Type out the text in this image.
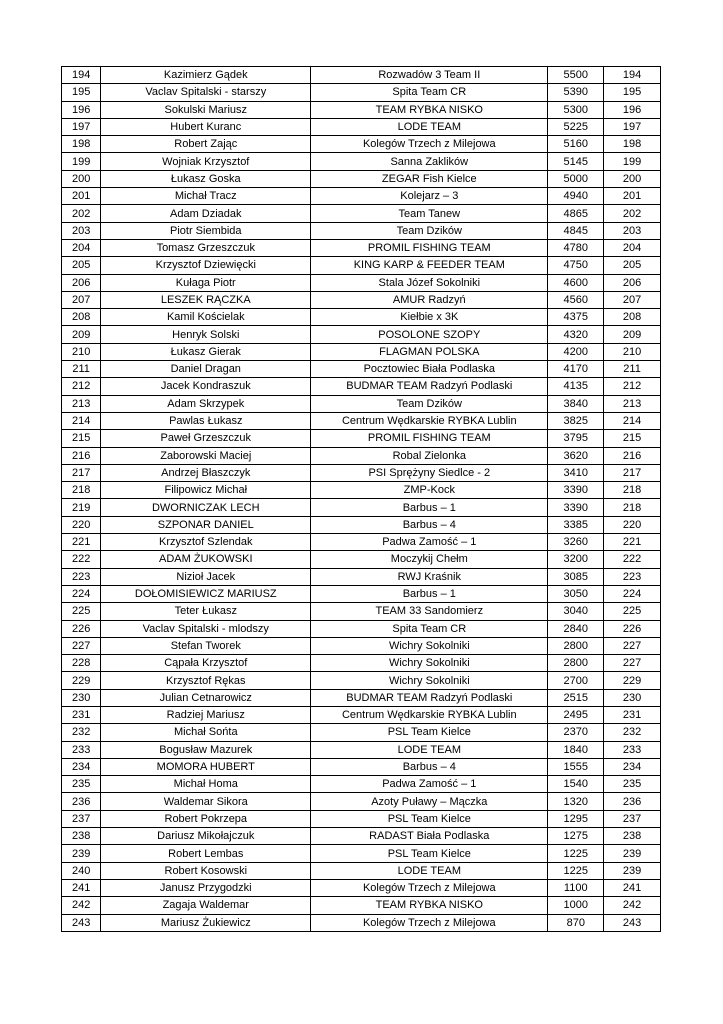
194	Kazimierz Gądek	Rozwadów 3 Team II	5500	194
195	Vaclav Spitalski - starszy	Spita Team CR	5390	195
196	Sokulski Mariusz	TEAM RYBKA NISKO	5300	196
197	Hubert Kuranc	LODE TEAM	5225	197
198	Robert Zając	Kolegów Trzech z Milejowa	5160	198
199	Wojniak Krzysztof	Sanna Zaklików	5145	199
200	Łukasz Goska	ZEGAR Fish Kielce	5000	200
201	Michał Tracz	Kolejarz – 3	4940	201
202	Adam Dziadak	Team Tanew	4865	202
203	Piotr Siembida	Team Dzików	4845	203
204	Tomasz Grzeszczuk	PROMIL FISHING TEAM	4780	204
205	Krzysztof Dziewięcki	KING KARP & FEEDER TEAM	4750	205
206	Kułaga Piotr	Stala Józef Sokolniki	4600	206
207	LESZEK RĄCZKA	AMUR Radzyń	4560	207
208	Kamil Kościelak	Kiełbie x 3K	4375	208
209	Henryk Solski	POSOLONE SZOPY	4320	209
210	Łukasz Gierak	FLAGMAN POLSKA	4200	210
211	Daniel Dragan	Pocztowiec Biała Podlaska	4170	211
212	Jacek Kondraszuk	BUDMAR TEAM Radzyń Podlaski	4135	212
213	Adam Skrzypek	Team Dzików	3840	213
214	Pawlas Łukasz	Centrum Wędkarskie RYBKA Lublin	3825	214
215	Paweł Grzeszczuk	PROMIL FISHING TEAM	3795	215
216	Zaborowski Maciej	Robal Zielonka	3620	216
217	Andrzej Błaszczyk	PSI Sprężyny Siedlce - 2	3410	217
218	Filipowicz Michał	ZMP-Kock	3390	218
219	DWORNICZAK LECH	Barbus – 1	3390	218
220	SZPONAR DANIEL	Barbus – 4	3385	220
221	Krzysztof Szlendak	Padwa Zamość – 1	3260	221
222	ADAM ŻUKOWSKI	Moczykij Chełm	3200	222
223	Nizioł Jacek	RWJ Kraśnik	3085	223
224	DOŁOMISIEWICZ MARIUSZ	Barbus – 1	3050	224
225	Teter Łukasz	TEAM 33 Sandomierz	3040	225
226	Vaclav Spitalski - mlodszy	Spita Team CR	2840	226
227	Stefan Tworek	Wichry Sokolniki	2800	227
228	Cąpała Krzysztof	Wichry Sokolniki	2800	227
229	Krzysztof Rękas	Wichry Sokolniki	2700	229
230	Julian Cetnarowicz	BUDMAR TEAM Radzyń Podlaski	2515	230
231	Radziej Mariusz	Centrum Wędkarskie RYBKA Lublin	2495	231
232	Michał Sońta	PSL Team Kielce	2370	232
233	Bogusław Mazurek	LODE TEAM	1840	233
234	MOMORA HUBERT	Barbus – 4	1555	234
235	Michał Homa	Padwa Zamość – 1	1540	235
236	Waldemar Sikora	Azoty Puławy – Mączka	1320	236
237	Robert Pokrzepa	PSL Team Kielce	1295	237
238	Dariusz Mikołajczuk	RADAST Biała Podlaska	1275	238
239	Robert Lembas	PSL Team Kielce	1225	239
240	Robert Kosowski	LODE TEAM	1225	239
241	Janusz Przygodzki	Kolegów Trzech z Milejowa	1100	241
242	Zagaja Waldemar	TEAM RYBKA NISKO	1000	242
243	Mariusz Żukiewicz	Kolegów Trzech z Milejowa	870	243
